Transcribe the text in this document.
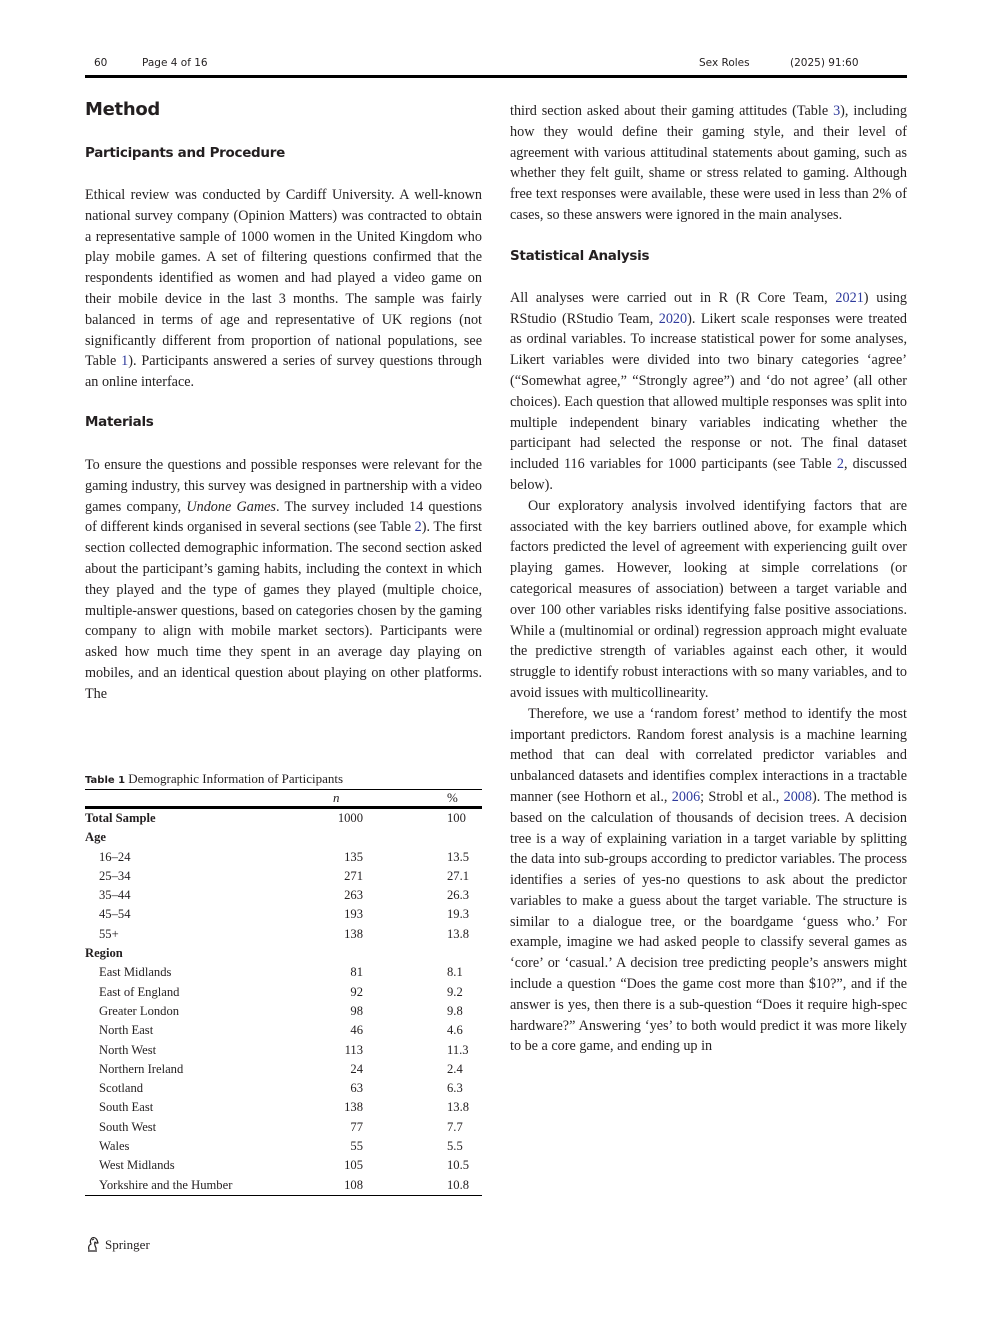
60	Page 4 of 16	Sex Roles	(2025) 91:60
Method
Participants and Procedure

Ethical review was conducted by Cardiff University. A well-known national survey company (Opinion Matters) was contracted to obtain a representative sample of 1000 women in the United Kingdom who play mobile games. A set of filtering questions confirmed that the respondents identified as women and had played a video game on their mobile device in the last 3 months. The sample was fairly balanced in terms of age and representative of UK regions (not significantly different from proportion of national populations, see Table 1). Participants answered a series of survey questions through an online interface.

Materials

To ensure the questions and possible responses were relevant for the gaming industry, this survey was designed in partnership with a video games company, Undone Games. The survey included 14 questions of different kinds organised in several sections (see Table 2). The first section collected demographic information. The second section asked about the participant’s gaming habits, including the context in which they played and the type of games they played (multiple choice, multiple-answer questions, based on categories chosen by the gaming company to align with mobile market sectors). Participants were asked how much time they spent in an average day playing on mobiles, and an identical question about playing on other platforms. The

Table 1 Demographic Information of Participants
n	%
Total Sample	1000	100
Age
16–24	135	13.5
25–34	271	27.1
35–44	263	26.3
45–54	193	19.3
55+	138	13.8
Region
East Midlands	81	8.1
East of England	92	9.2
Greater London	98	9.8
North East	46	4.6
North West	113	11.3
Northern Ireland	24	2.4
Scotland	63	6.3
South East	138	13.8
South West	77	7.7
Wales	55	5.5
West Midlands	105	10.5
Yorkshire and the Humber	108	10.8

third section asked about their gaming attitudes (Table 3), including how they would define their gaming style, and their level of agreement with various attitudinal statements about gaming, such as whether they felt guilt, shame or stress related to gaming. Although free text responses were available, these were used in less than 2% of cases, so these answers were ignored in the main analyses.

Statistical Analysis

All analyses were carried out in R (R Core Team, 2021) using RStudio (RStudio Team, 2020). Likert scale responses were treated as ordinal variables. To increase statistical power for some analyses, Likert variables were divided into two binary categories ‘agree’ (“Somewhat agree,” “Strongly agree”) and ‘do not agree’ (all other choices). Each question that allowed multiple responses was split into multiple independent binary variables indicating whether the participant had selected the response or not. The final dataset included 116 variables for 1000 participants (see Table 2, discussed below).

Our exploratory analysis involved identifying factors that are associated with the key barriers outlined above, for example which factors predicted the level of agreement with experiencing guilt over playing games. However, looking at simple correlations (or categorical measures of association) between a target variable and over 100 other variables risks identifying false positive associations. While a (multinomial or ordinal) regression approach might evaluate the predictive strength of variables against each other, it would struggle to identify robust interactions with so many variables, and to avoid issues with multicollinearity.

Therefore, we use a ‘random forest’ method to identify the most important predictors. Random forest analysis is a machine learning method that can deal with correlated predictor variables and unbalanced datasets and identifies complex interactions in a tractable manner (see Hothorn et al., 2006; Strobl et al., 2008). The method is based on the calculation of thousands of decision trees. A decision tree is a way of explaining variation in a target variable by splitting the data into sub-groups according to predictor variables. The process identifies a series of yes-no questions to ask about the predictor variables to make a guess about the target variable. The structure is similar to a dialogue tree, or the boardgame ‘guess who.’ For example, imagine we had asked people to classify several games as ‘core’ or ‘casual.’ A decision tree predicting people’s answers might include a question “Does the game cost more than $10?”, and if the answer is yes, then there is a sub-question “Does it require high-spec hardware?” Answering ‘yes’ to both would predict it was more likely to be a core game, and ending up in

Springer
